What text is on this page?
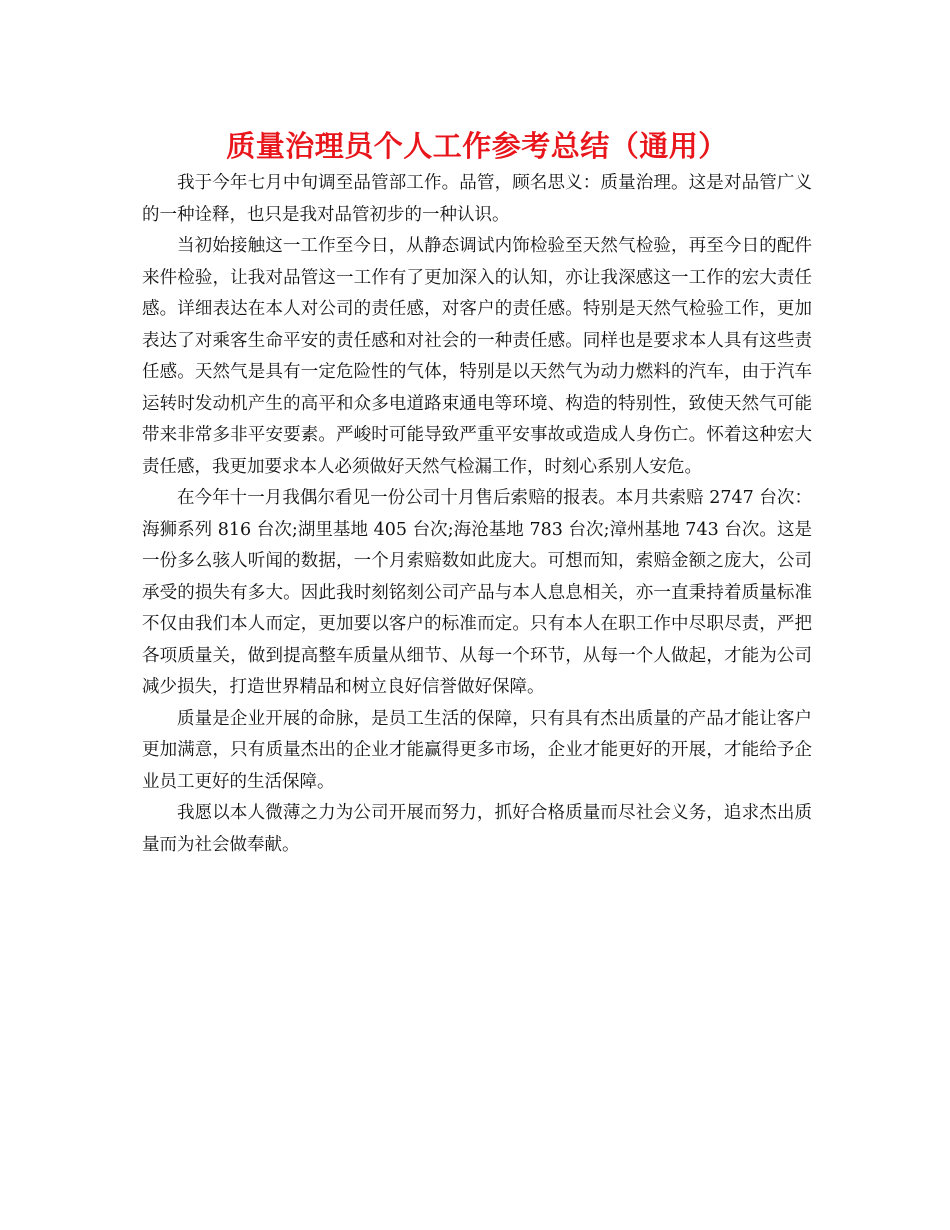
质量治理员个人工作参考总结（通用）

我于今年七月中旬调至品管部工作。品管，顾名思义：质量治理。这是对品管广义的一种诠释，也只是我对品管初步的一种认识。

当初始接触这一工作至今日，从静态调试内饰检验至天然气检验，再至今日的配件来件检验，让我对品管这一工作有了更加深入的认知，亦让我深感这一工作的宏大责任感。详细表达在本人对公司的责任感，对客户的责任感。特别是天然气检验工作，更加表达了对乘客生命平安的责任感和对社会的一种责任感。同样也是要求本人具有这些责任感。天然气是具有一定危险性的气体，特别是以天然气为动力燃料的汽车，由于汽车运转时发动机产生的高平和众多电道路束通电等环境、构造的特别性，致使天然气可能带来非常多非平安要素。严峻时可能导致严重平安事故或造成人身伤亡。怀着这种宏大责任感，我更加要求本人必须做好天然气检漏工作，时刻心系别人安危。

在今年十一月我偶尔看见一份公司十月售后索赔的报表。本月共索赔 2747 台次：海狮系列 816 台次;湖里基地 405 台次;海沧基地 783 台次;漳州基地 743 台次。这是一份多么骇人听闻的数据，一个月索赔数如此庞大。可想而知，索赔金额之庞大，公司承受的损失有多大。因此我时刻铭刻公司产品与本人息息相关，亦一直秉持着质量标准不仅由我们本人而定，更加要以客户的标准而定。只有本人在职工作中尽职尽责，严把各项质量关，做到提高整车质量从细节、从每一个环节，从每一个人做起，才能为公司减少损失，打造世界精品和树立良好信誉做好保障。

质量是企业开展的命脉，是员工生活的保障，只有具有杰出质量的产品才能让客户更加满意，只有质量杰出的企业才能赢得更多市场，企业才能更好的开展，才能给予企业员工更好的生活保障。

我愿以本人微薄之力为公司开展而努力，抓好合格质量而尽社会义务，追求杰出质量而为社会做奉献。
